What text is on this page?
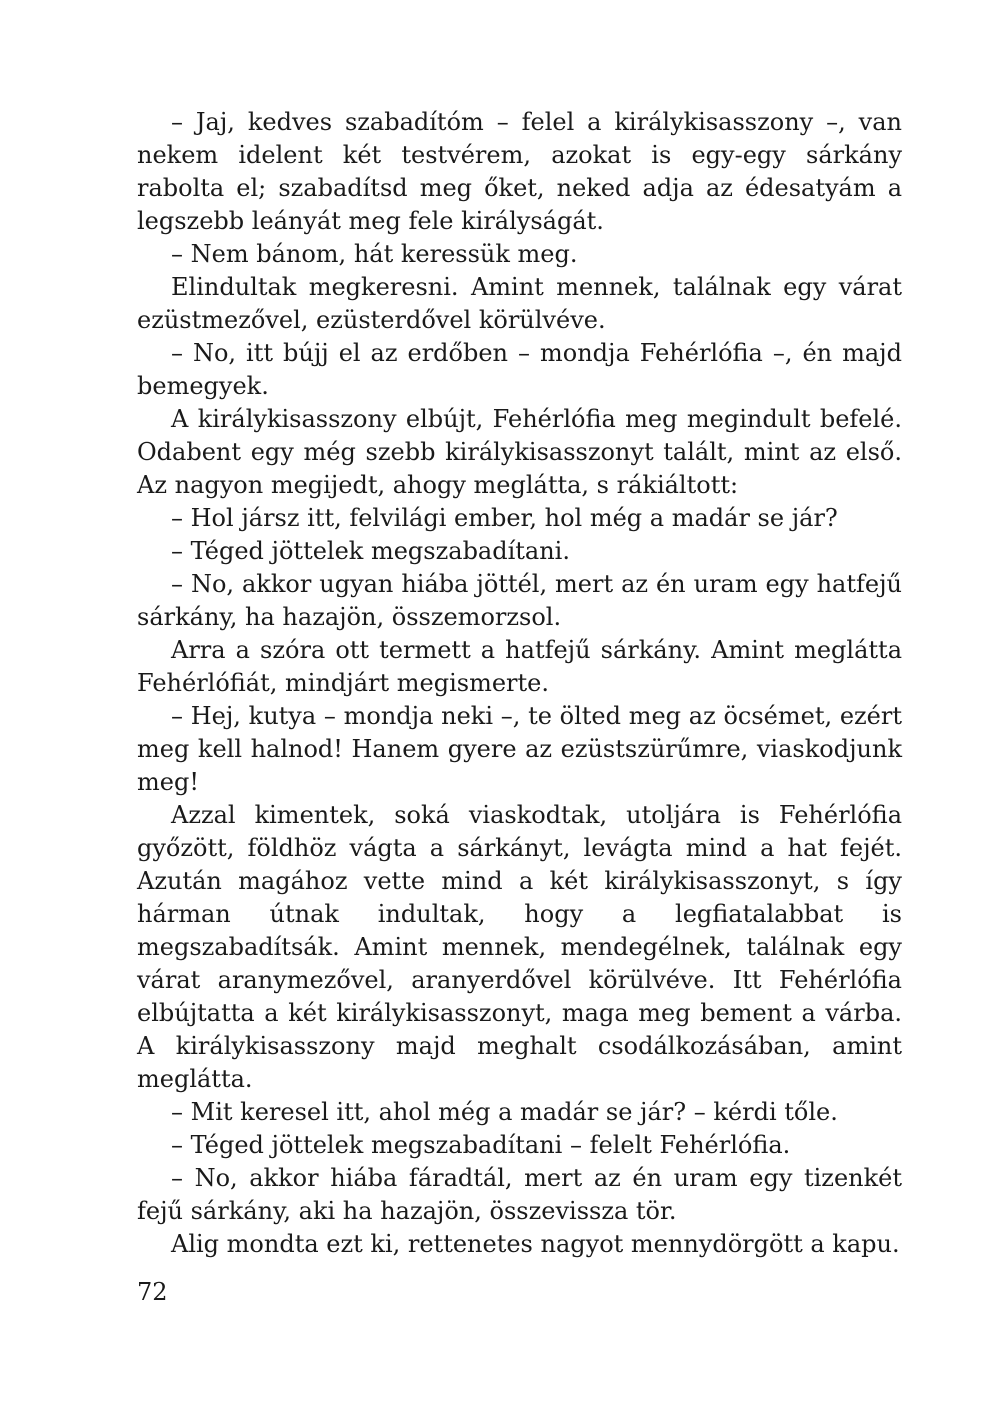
– Jaj, kedves szabadítóm – felel a királykisasszony –, van nekem idelent két testvérem, azokat is egy-egy sárkány rabolta el; szabadítsd meg őket, neked adja az édesatyám a legszebb leányát meg fele királyságát.

– Nem bánom, hát keressük meg.

Elindultak megkeresni. Amint mennek, találnak egy várat ezüstmezővel, ezüsterdővel körülvéve.

– No, itt bújj el az erdőben – mondja Fehérlófia –, én majd bemegyek.

A királykisasszony elbújt, Fehérlófia meg megindult befelé. Odabent egy még szebb királykisasszonyt talált, mint az első. Az nagyon megijedt, ahogy meglátta, s rákiáltott:

– Hol jársz itt, felvilági ember, hol még a madár se jár?

– Téged jöttelek megszabadítani.

– No, akkor ugyan hiába jöttél, mert az én uram egy hatfejű sárkány, ha hazajön, összemorzsol.

Arra a szóra ott termett a hatfejű sárkány. Amint meglátta Fehérlófiát, mindjárt megismerte.

– Hej, kutya – mondja neki –, te ölted meg az öcsémet, ezért meg kell halnod! Hanem gyere az ezüstszürűmre, viaskodjunk meg!

Azzal kimentek, soká viaskodtak, utoljára is Fehérlófia győzött, földhöz vágta a sárkányt, levágta mind a hat fejét. Azután magához vette mind a két királykisasszonyt, s így hárman útnak indultak, hogy a legfiatalabbat is megszabadítsák. Amint mennek, mendegélnek, találnak egy várat aranymezővel, aranyerdővel körülvéve. Itt Fehérlófia elbújtatta a két királykisasszonyt, maga meg bement a várba. A királykisasszony majd meghalt csodálkozásában, amint meglátta.

– Mit keresel itt, ahol még a madár se jár? – kérdi tőle.

– Téged jöttelek megszabadítani – felelt Fehérlófia.

– No, akkor hiába fáradtál, mert az én uram egy tizenkét fejű sárkány, aki ha hazajön, összevissza tör.

Alig mondta ezt ki, rettenetes nagyot mennydörgött a kapu.

72
